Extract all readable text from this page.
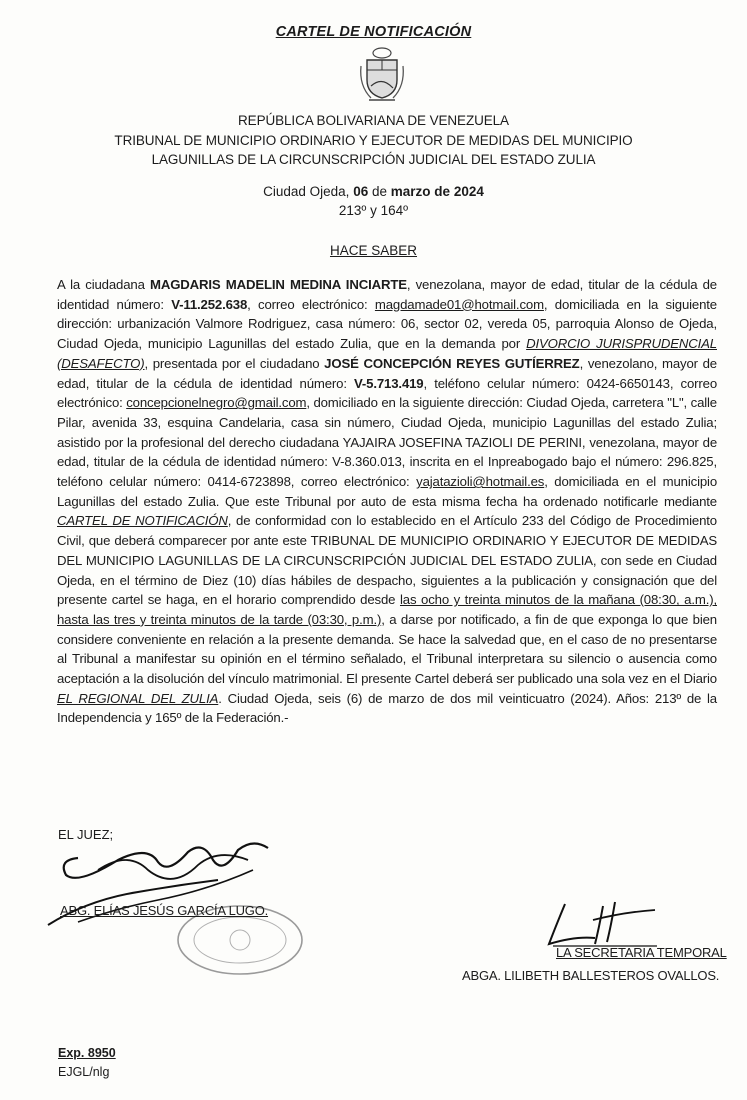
CARTEL DE NOTIFICACIÓN
REPÚBLICA BOLIVARIANA DE VENEZUELA
TRIBUNAL DE MUNICIPIO ORDINARIO Y EJECUTOR DE MEDIDAS DEL MUNICIPIO
LAGUNILLAS DE LA CIRCUNSCRIPCIÓN JUDICIAL DEL ESTADO ZULIA
Ciudad Ojeda, 06 de marzo de 2024
213º y 164º
HACE SABER
A la ciudadana MAGDARIS MADELIN MEDINA INCIARTE, venezolana, mayor de edad, titular de la cédula de identidad número: V-11.252.638, correo electrónico: magdamade01@hotmail.com, domiciliada en la siguiente dirección: urbanización Valmore Rodriguez, casa número: 06, sector 02, vereda 05, parroquia Alonso de Ojeda, Ciudad Ojeda, municipio Lagunillas del estado Zulia, que en la demanda por DIVORCIO JURISPRUDENCIAL (DESAFECTO), presentada por el ciudadano JOSÉ CONCEPCIÓN REYES GUTÍERREZ, venezolano, mayor de edad, titular de la cédula de identidad número: V-5.713.419, teléfono celular número: 0424-6650143, correo electrónico: concepcionelnegro@gmail.com, domiciliado en la siguiente dirección: Ciudad Ojeda, carretera "L", calle Pilar, avenida 33, esquina Candelaria, casa sin número, Ciudad Ojeda, municipio Lagunillas del estado Zulia; asistido por la profesional del derecho ciudadana YAJAIRA JOSEFINA TAZIOLI DE PERINI, venezolana, mayor de edad, titular de la cédula de identidad número: V-8.360.013, inscrita en el Inpreabogado bajo el número: 296.825, teléfono celular número: 0414-6723898, correo electrónico: yajatazioli@hotmail.es, domiciliada en el municipio Lagunillas del estado Zulia. Que este Tribunal por auto de esta misma fecha ha ordenado notificarle mediante CARTEL DE NOTIFICACIÓN, de conformidad con lo establecido en el Artículo 233 del Código de Procedimiento Civil, que deberá comparecer por ante este TRIBUNAL DE MUNICIPIO ORDINARIO Y EJECUTOR DE MEDIDAS DEL MUNICIPIO LAGUNILLAS DE LA CIRCUNSCRIPCIÓN JUDICIAL DEL ESTADO ZULIA, con sede en Ciudad Ojeda, en el término de Diez (10) días hábiles de despacho, siguientes a la publicación y consignación que del presente cartel se haga, en el horario comprendido desde las ocho y treinta minutos de la mañana (08:30, a.m.), hasta las tres y treinta minutos de la tarde (03:30, p.m.), a darse por notificado, a fin de que exponga lo que bien considere conveniente en relación a la presente demanda. Se hace la salvedad que, en el caso de no presentarse al Tribunal a manifestar su opinión en el término señalado, el Tribunal interpretara su silencio o ausencia como aceptación a la disolución del vínculo matrimonial. El presente Cartel deberá ser publicado una sola vez en el Diario EL REGIONAL DEL ZULIA. Ciudad Ojeda, seis (6) de marzo de dos mil veinticuatro (2024). Años: 213º de la Independencia y 165º de la Federación.-
EL JUEZ;
ABG. ELÍAS JESÚS GARCÍA LUGO.
LA SECRETARIA TEMPORAL
ABGA. LILIBETH BALLESTEROS OVALLOS.
Exp. 8950
EJGL/nlg
